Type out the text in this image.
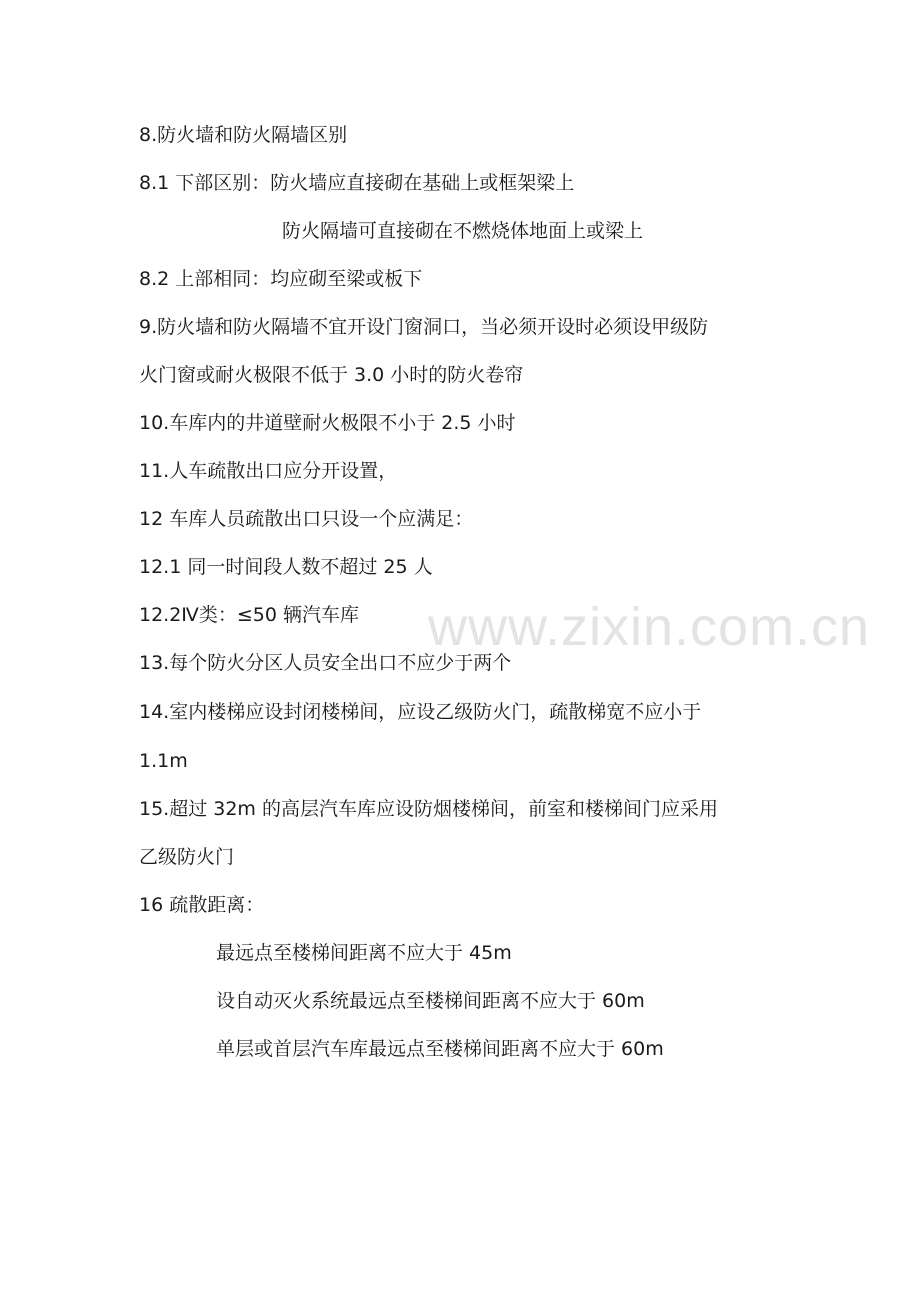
www.zixin.com.cn
8.防火墙和防火隔墙区别
8.1 下部区别：防火墙应直接砌在基础上或框架梁上
防火隔墙可直接砌在不燃烧体地面上或梁上
8.2 上部相同：均应砌至梁或板下
9.防火墙和防火隔墙不宜开设门窗洞口，当必须开设时必须设甲级防
火门窗或耐火极限不低于 3.0 小时的防火卷帘
10.车库内的井道壁耐火极限不小于 2.5 小时
11.人车疏散出口应分开设置，
12 车库人员疏散出口只设一个应满足：
12.1 同一时间段人数不超过 25 人
12.2Ⅳ类：≤50 辆汽车库
13.每个防火分区人员安全出口不应少于两个
14.室内楼梯应设封闭楼梯间，应设乙级防火门，疏散梯宽不应小于
1.1m
15.超过 32m 的高层汽车库应设防烟楼梯间，前室和楼梯间门应采用
乙级防火门
16 疏散距离：
最远点至楼梯间距离不应大于 45m
设自动灭火系统最远点至楼梯间距离不应大于 60m
单层或首层汽车库最远点至楼梯间距离不应大于 60m
